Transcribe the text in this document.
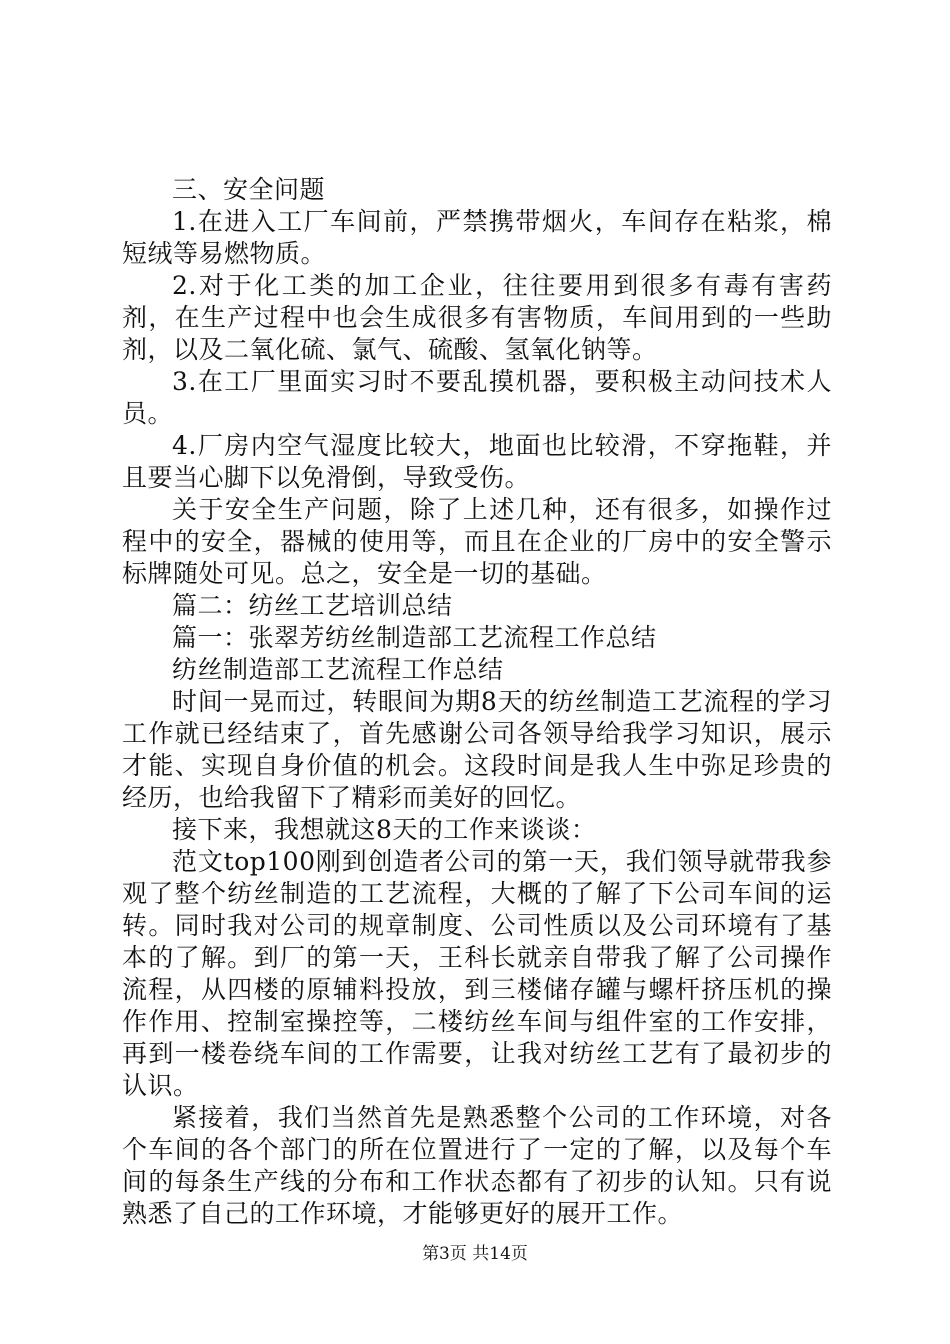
三、安全问题

1.在进入工厂车间前，严禁携带烟火，车间存在粘浆，棉短绒等易燃物质。

2.对于化工类的加工企业，往往要用到很多有毒有害药剂，在生产过程中也会生成很多有害物质，车间用到的一些助剂，以及二氧化硫、氯气、硫酸、氢氧化钠等。

3.在工厂里面实习时不要乱摸机器，要积极主动问技术人员。

4.厂房内空气湿度比较大，地面也比较滑，不穿拖鞋，并且要当心脚下以免滑倒，导致受伤。

关于安全生产问题，除了上述几种，还有很多，如操作过程中的安全，器械的使用等，而且在企业的厂房中的安全警示标牌随处可见。总之，安全是一切的基础。

篇二：纺丝工艺培训总结

篇一：张翠芳纺丝制造部工艺流程工作总结

纺丝制造部工艺流程工作总结

时间一晃而过，转眼间为期8天的纺丝制造工艺流程的学习工作就已经结束了，首先感谢公司各领导给我学习知识，展示才能、实现自身价值的机会。这段时间是我人生中弥足珍贵的经历，也给我留下了精彩而美好的回忆。

接下来，我想就这8天的工作来谈谈：

范文top100刚到创造者公司的第一天，我们领导就带我参观了整个纺丝制造的工艺流程，大概的了解了下公司车间的运转。同时我对公司的规章制度、公司性质以及公司环境有了基本的了解。到厂的第一天，王科长就亲自带我了解了公司操作流程，从四楼的原辅料投放，到三楼储存罐与螺杆挤压机的操作作用、控制室操控等，二楼纺丝车间与组件室的工作安排，再到一楼卷绕车间的工作需要，让我对纺丝工艺有了最初步的认识。

紧接着，我们当然首先是熟悉整个公司的工作环境，对各个车间的各个部门的所在位置进行了一定的了解，以及每个车间的每条生产线的分布和工作状态都有了初步的认知。只有说熟悉了自己的工作环境，才能够更好的展开工作。

第3页 共14页
